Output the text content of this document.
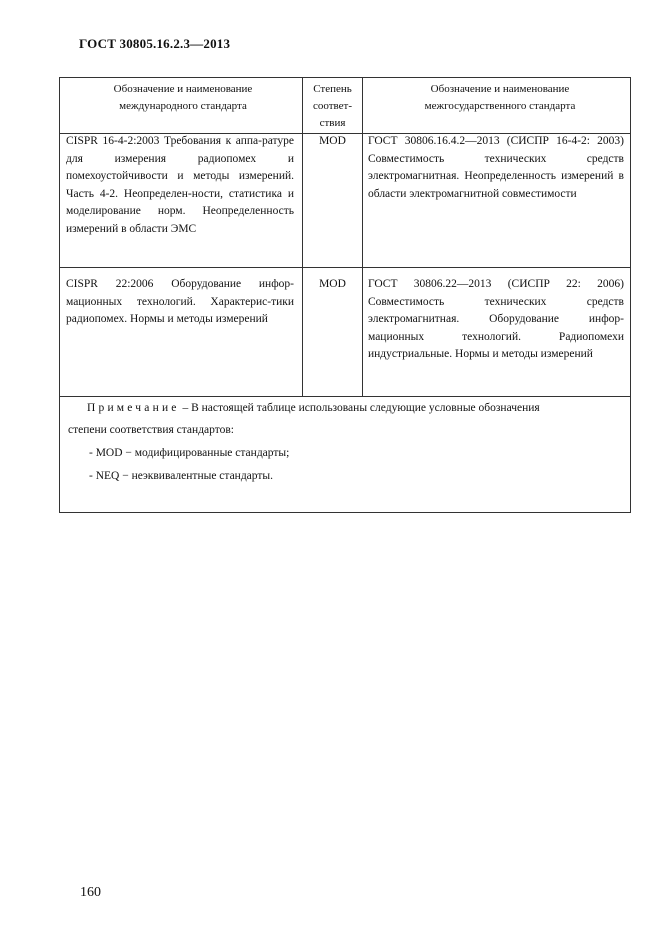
ГОСТ 30805.16.2.3—2013
Обозначение и наименование международного стандарта
Степень соответ-ствия
Обозначение и наименование межгосударственного стандарта
CISPR 16-4-2:2003 Требования к аппа-ратуре для измерения радиопомех и помехоустойчивости и методы измерений. Часть 4-2. Неопределен-ности, статистика и моделирование норм. Неопределенность измерений в области ЭМС
MOD	ГОСТ 30806.16.4.2—2013 (СИСПР 16-4-2: 2003) Совместимость технических средств электромагнитная. Неопределенность измерений в области электромагнитной совместимости
CISPR 22:2006 Оборудование инфор-мационных технологий. Характерис-тики радиопомех. Нормы и методы измерений
MOD	ГОСТ 30806.22—2013 (СИСПР 22: 2006) Совместимость технических средств электромагнитная. Оборудование инфор-мационных технологий. Радиопомехи индустриальные. Нормы и методы измерений
Примечание – В настоящей таблице использованы следующие условные обозначения
степени соответствия стандартов:
- MOD − модифицированные стандарты;
- NEQ − неэквивалентные стандарты.
160
